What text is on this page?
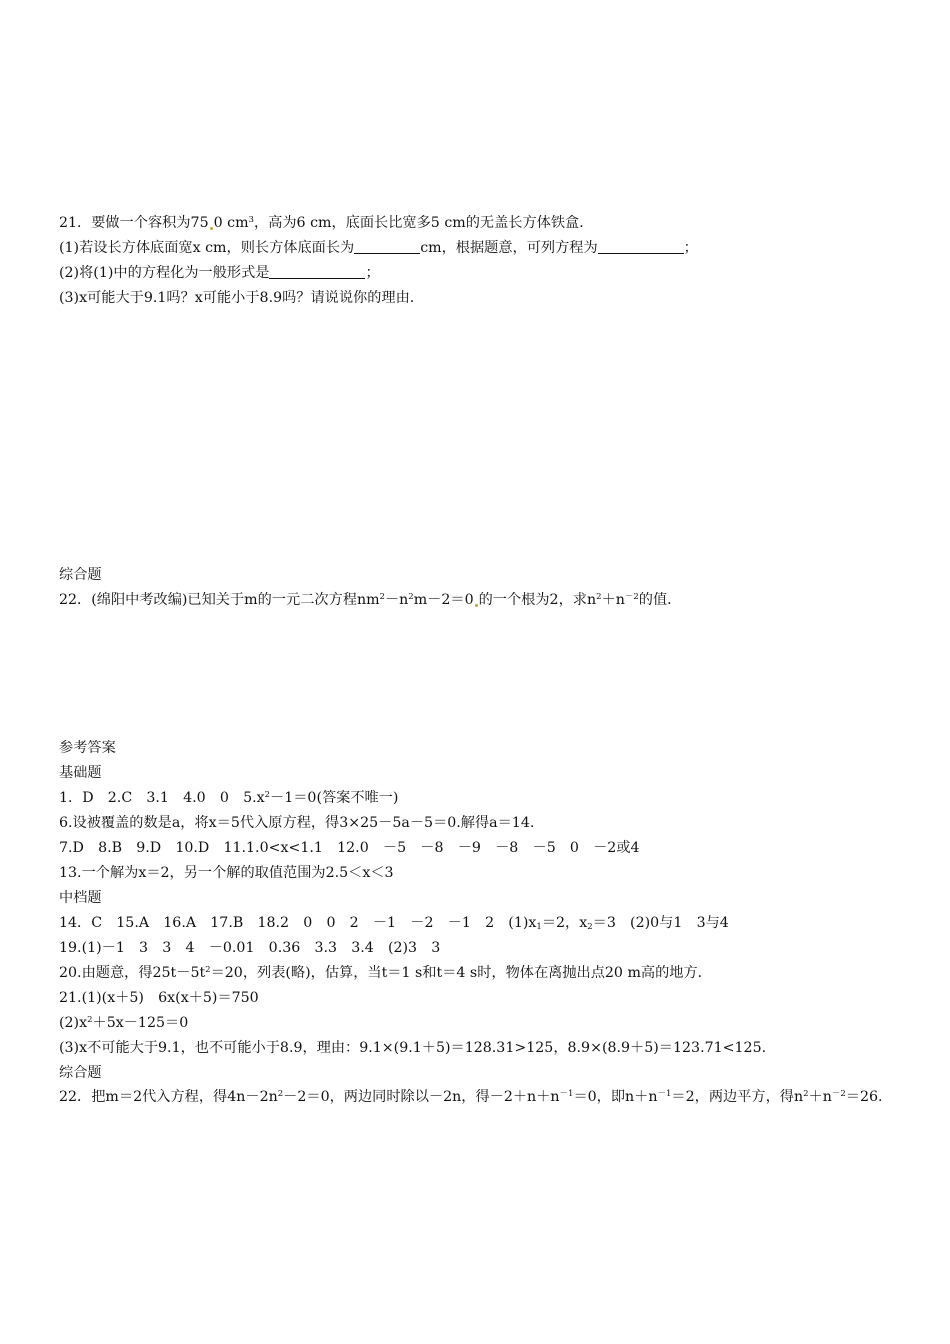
21．要做一个容积为75 0 $cm^3$，高为6 cm，底面长比宽多5 cm的无盖长方体铁盒．
(1)若设长方体底面宽x cm，则长方体底面长为	cm，根据题意，可列方程为	；
(2)将(1)中的方程化为一般形式是	；
(3)x可能大于9.1吗？x可能小于8.9吗？请说说你的理由．
综合题
22．(绵阳中考改编)已知关于m的一元二次方程$nm^2-n^2m-2=0$ 的一个根为2，求$n^2+n^{-2}$的值．
参考答案
基础题
1．D　2.C　3.1　4.0　0　$5.x^2-1=0$(答案不唯一)
6.设被覆盖的数是a，将x＝5代入原方程，得3×25－5a－5＝0.解得a＝14.
7.D　8.B　9.D　10.D　11.1.0<x<1.1　12.0　－5　－8　－9　－8　－5　0　－2或4
13.一个解为x＝2，另一个解的取值范围为2.5＜x＜3
中档题
14．C　15.A　16.A　17.B　18.2　0　0　2　－1　－2　－1　2　$(1)x_1=2$，$x_2=3$　(2)0与1　3与4
19.(1)－1　3　3　4　－0.01　0.36　3.3　3.4　(2)3　3
20.由题意，得$25t-5t^2=20$，列表(略)，估算，当t＝1 s和t＝4 s时，物体在离抛出点20 m高的地方．
21.(1)(x＋5)　6x(x＋5)＝750
$(2)x^2+5x-125=0$
(3)x不可能大于9.1，也不可能小于8.9，理由：9.1×(9.1＋5)＝128.31>125，8.9×(8.9＋5)＝123.71<125.
综合题
22．把m＝2代入方程，得$4n-2n^2-2=0$，两边同时除以－2n，得$-2+n+n^{-1}=0$，即$n+n^{-1}=2$，两边平方，得$n^2+n^{-2}=26$.
